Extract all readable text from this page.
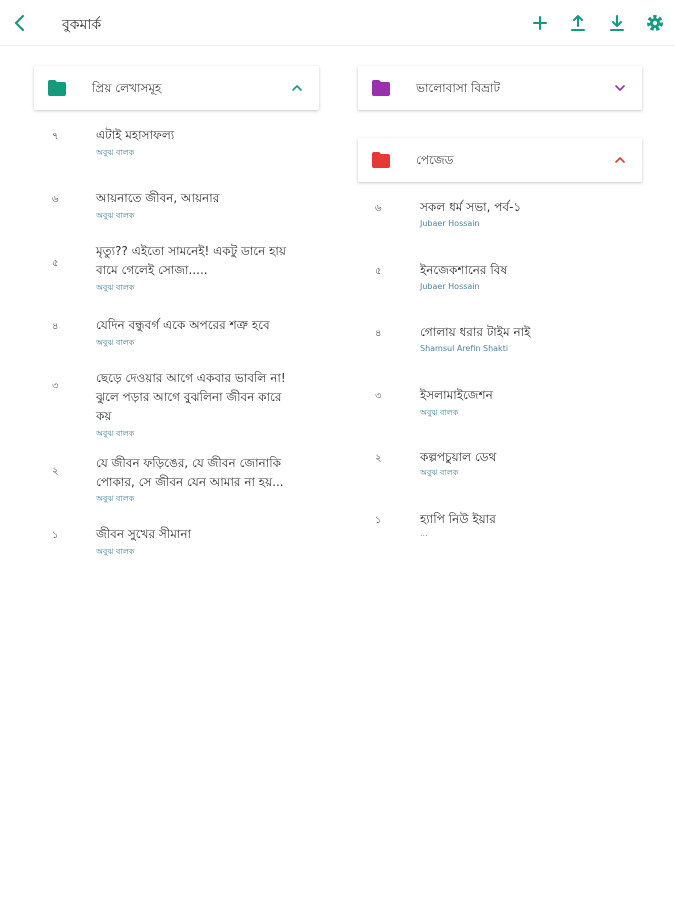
বুকমার্ক
প্রিয় লেখাসমূহ
৭	এটাই মহাসাফল্য
অবুঝ বালক
৬	আয়নাতে জীবন, আয়নার
অবুঝ বালক
৫
মৃত্যু?? এইতো সামনেই! একটু ডানে হায়
বামে গেলেই সোজা.....
অবুঝ বালক
৪	যেদিন বন্ধুবর্গ একে অপরের শত্রু হবে
অবুঝ বালক
৩
ছেড়ে দেওয়ার আগে একবার ভাবলি না!
ঝুলে পড়ার আগে বুঝলিনা জীবন কারে
কয়
অবুঝ বালক
২
যে জীবন ফড়িঙের, যে জীবন জোনাকি
পোকার, সে জীবন যেন আমার না হয়...
অবুঝ বালক
১	জীবন সুখের সীমানা
অবুঝ বালক
ভালোবাসা বিভ্রাট
পেজেড
৬	সকল ধর্ম সভা, পর্ব-১
Jubaer Hossain
৫	ইনজেকশানের বিষ
Jubaer Hossain
৪	গোলায় ধরার টাইম নাই
Shamsul Arefin Shakti
৩	ইসলামাইজেশন
অবুঝ বালক
২	কল্পপচুয়াল ডেথ
অবুঝ বালক
১	হ্যাপি নিউ ইয়ার
...
